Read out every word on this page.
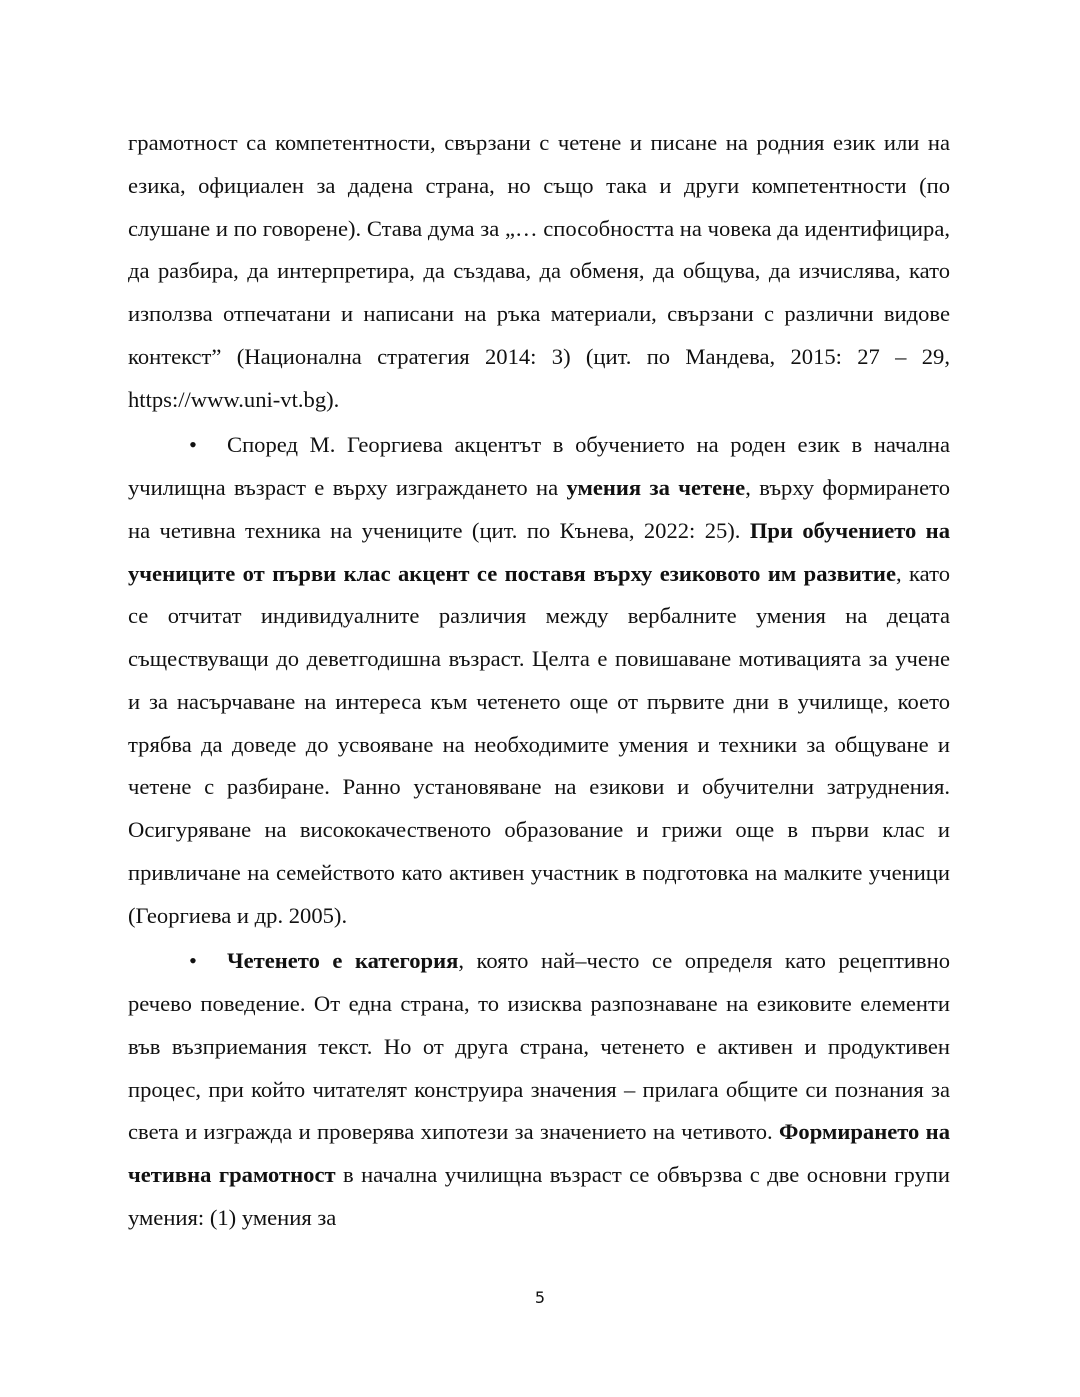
грамотност са компетентности, свързани с четене и писане на родния език или на езика, официален за дадена страна, но също така и други компетентности (по слушане и по говорене). Става дума за „… способността на човека да идентифицира, да разбира, да интерпретира, да създава, да обменя, да общува, да изчислява, като използва отпечатани и написани на ръка материали, свързани с различни видове контекст” (Национална стратегия 2014: 3) (цит. по Мандева, 2015: 27 – 29, https://www.uni-vt.bg).

• Според М. Георгиева акцентът в обучението на роден език в начална училищна възраст е върху изграждането на умения за четене, върху формирането на четивна техника на учениците (цит. по Кънева, 2022: 25). При обучението на учениците от първи клас акцент се поставя върху езиковото им развитие, като се отчитат индивидуалните различия между вербалните умения на децата съществуващи до деветгодишна възраст. Целта е повишаване мотивацията за учене и за насърчаване на интереса към четенето още от първите дни в училище, което трябва да доведе до усвояване на необходимите умения и техники за общуване и четене с разбиране. Ранно установяване на езикови и обучителни затруднения. Осигуряване на висококачественото образование и грижи още в първи клас и привличане на семейството като активен участник в подготовка на малките ученици (Георгиева и др. 2005).

• Четенето е категория, която най–често се определя като рецептивно речево поведение. От една страна, то изисква разпознаване на езиковите елементи във възприемания текст. Но от друга страна, четенето е активен и продуктивен процес, при който читателят конструира значения – прилага общите си познания за света и изгражда и проверява хипотези за значението на четивото. Формирането на четивна грамотност в начална училищна възраст се обвързва с две основни групи умения: (1) умения за

5
